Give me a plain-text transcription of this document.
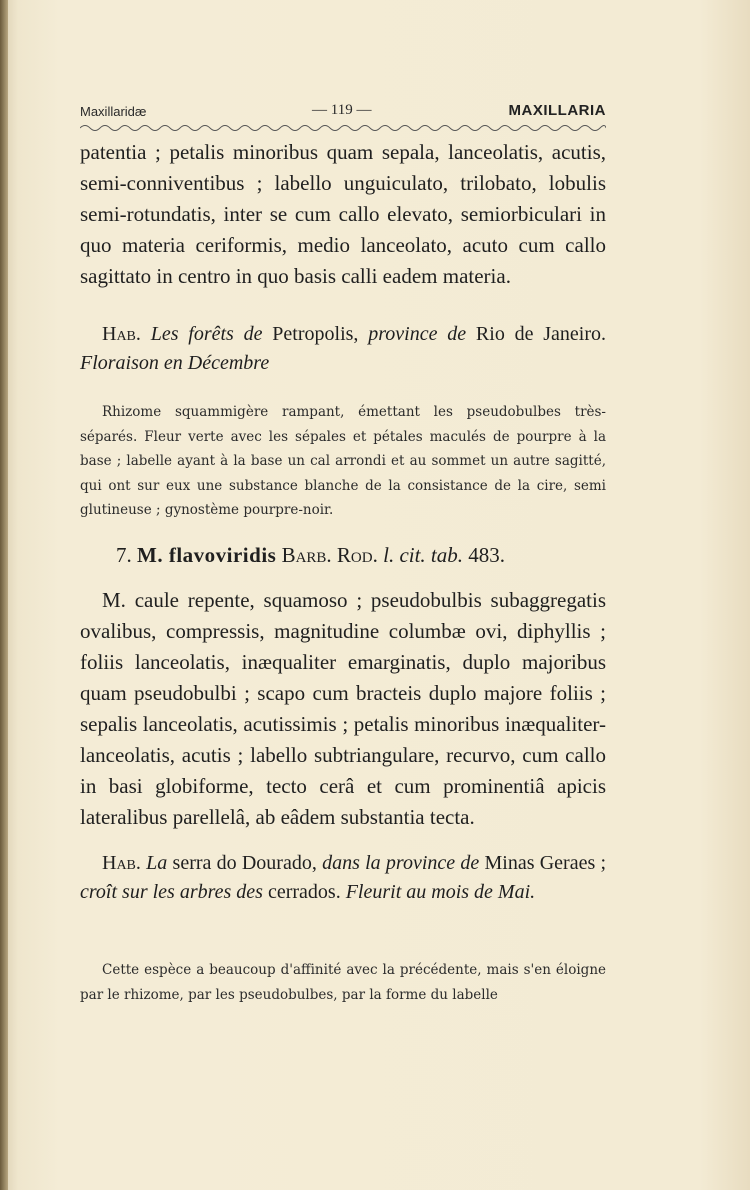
Maxillaridæ	— 119 —	MAXILLARIA

patentia ; petalis minoribus quam sepala, lanceolatis, acutis, semi-conniventibus ; labello unguiculato, trilobato, lobulis semi-rotundatis, inter se cum callo elevato, semiorbiculari in quo materia ceriformis, medio lanceolato, acuto cum callo sagittato in centro in quo basis calli eadem materia.

Hab. Les forêts de Petropolis, province de Rio de Janeiro. Floraison en Décembre

Rhizome squammigère rampant, émettant les pseudobulbes très-séparés. Fleur verte avec les sépales et pétales maculés de pourpre à la base ; labelle ayant à la base un cal arrondi et au sommet un autre sagitté, qui ont sur eux une substance blanche de la consistance de la cire, semi glutineuse ; gynostème pourpre-noir.

7. M. flavoviridis Barb. Rod. l. cit. tab. 483.

M. caule repente, squamoso ; pseudobulbis subaggregatis ovalibus, compressis, magnitudine columbæ ovi, diphyllis ; foliis lanceolatis, inæqualiter emarginatis, duplo majoribus quam pseudobulbi ; scapo cum bracteis duplo majore foliis ; sepalis lanceolatis, acutissimis ; petalis minoribus inæqualiter-lanceolatis, acutis ; labello subtriangulare, recurvo, cum callo in basi globiforme, tecto cerâ et cum prominentiâ apicis lateralibus parellelâ, ab eâdem substantia tecta.

Hab. La serra do Dourado, dans la province de Minas Geraes ; croît sur les arbres des cerrados. Fleurit au mois de Mai.

Cette espèce a beaucoup d'affinité avec la précédente, mais s'en éloigne par le rhizome, par les pseudobulbes, par la forme du labelle
